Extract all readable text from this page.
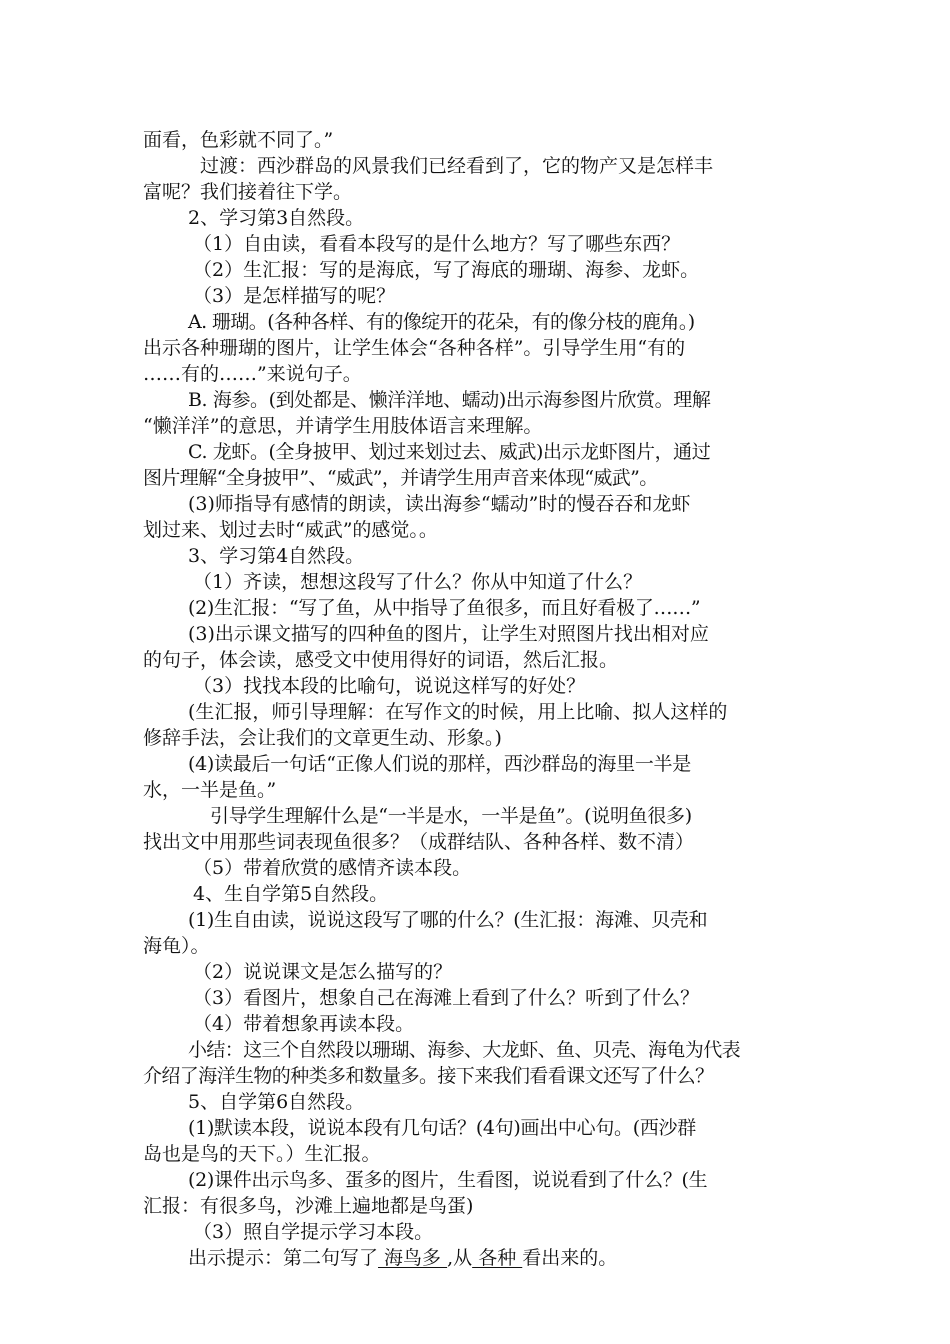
面看，色彩就不同了。”
过渡：西沙群岛的风景我们已经看到了，它的物产又是怎样丰
富呢？我们接着往下学。
2、学习第3自然段。
（1）自由读，看看本段写的是什么地方？写了哪些东西？
（2）生汇报：写的是海底，写了海底的珊瑚、海参、龙虾。
（3）是怎样描写的呢？
A. 珊瑚。(各种各样、有的像绽开的花朵，有的像分枝的鹿角。)
出示各种珊瑚的图片，让学生体会“各种各样”。引导学生用“有的
……有的……”来说句子。
B. 海参。(到处都是、懒洋洋地、蠕动)出示海参图片欣赏。理解
“懒洋洋”的意思，并请学生用肢体语言来理解。
C. 龙虾。(全身披甲、划过来划过去、威武)出示龙虾图片，通过
图片理解“全身披甲”、“威武”，并请学生用声音来体现“威武”。
(3)师指导有感情的朗读，读出海参“蠕动”时的慢吞吞和龙虾
划过来、划过去时“威武”的感觉。。
3、学习第4自然段。
（1）齐读，想想这段写了什么？你从中知道了什么？
(2)生汇报：“写了鱼，从中指导了鱼很多，而且好看极了……”
(3)出示课文描写的四种鱼的图片，让学生对照图片找出相对应
的句子，体会读，感受文中使用得好的词语，然后汇报。
（3）找找本段的比喻句，说说这样写的好处？
(生汇报，师引导理解：在写作文的时候，用上比喻、拟人这样的
修辞手法，会让我们的文章更生动、形象。)
(4)读最后一句话“正像人们说的那样，西沙群岛的海里一半是
水，一半是鱼。”
引导学生理解什么是“一半是水，一半是鱼”。(说明鱼很多)
找出文中用那些词表现鱼很多？（成群结队、各种各样、数不清）
（5）带着欣赏的感情齐读本段。
4、生自学第5自然段。
(1)生自由读，说说这段写了哪的什么？(生汇报：海滩、贝壳和
海龟）。
（2）说说课文是怎么描写的？
（3）看图片，想象自己在海滩上看到了什么？听到了什么？
（4）带着想象再读本段。
小结：这三个自然段以珊瑚、海参、大龙虾、鱼、贝壳、海龟为代表
介绍了海洋生物的种类多和数量多。接下来我们看看课文还写了什么？
5、自学第6自然段。
(1)默读本段，说说本段有几句话？(4句)画出中心句。(西沙群
岛也是鸟的天下。）生汇报。
(2)课件出示鸟多、蛋多的图片，生看图，说说看到了什么？(生
汇报：有很多鸟，沙滩上遍地都是鸟蛋)
（3）照自学提示学习本段。
出示提示：第二句写了 海鸟多 ,从 各种 看出来的。
